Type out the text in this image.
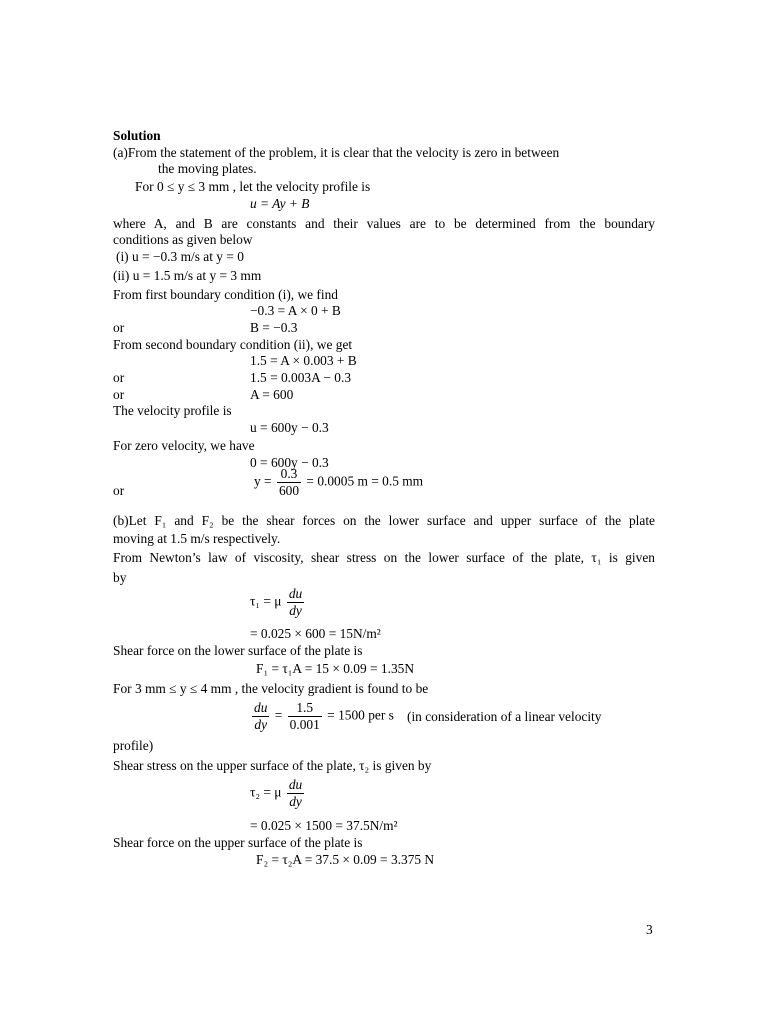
Solution
(a)From the statement of the problem, it is clear that the velocity is zero in between
the moving plates.
For 0 ≤ y ≤ 3 mm , let the velocity profile is
u = Ay + B
where A, and B are constants and their values are to be determined from the boundary
conditions as given below
(i) u = −0.3 m/s at y = 0
(ii) u = 1.5 m/s at y = 3 mm
From first boundary condition (i), we find
−0.3 = A × 0 + B
or	B = −0.3
From second boundary condition (ii), we get
1.5 = A × 0.003 + B
or	1.5 = 0.003A − 0.3
or	A = 600
The velocity profile is
u = 600y − 0.3
For zero velocity, we have
0 = 600y − 0.3
or
$y = \frac{0.3}{600} = 0.0005$ m = 0.5 mm
(b)Let F₁ and F₂ be the shear forces on the lower surface and upper surface of the plate
moving at 1.5 m/s respectively.
From Newton’s law of viscosity, shear stress on the lower surface of the plate, τ₁ is given
by
τ₁ = μ $\frac{du}{dy}$
= 0.025 × 600 = 15N/m²
Shear force on the lower surface of the plate is
F₁ = τ₁A = 15 × 0.09 = 1.35N
For 3 mm ≤ y ≤ 4 mm , the velocity gradient is found to be
$\frac{du}{dy} = \frac{1.5}{0.001} = 1500$ per s (in consideration of a linear velocity
profile)
Shear stress on the upper surface of the plate, τ₂ is given by
τ₂ = μ $\frac{du}{dy}$
= 0.025 × 1500 = 37.5N/m²
Shear force on the upper surface of the plate is
F₂ = τ₂A = 37.5 × 0.09 = 3.375 N
3
